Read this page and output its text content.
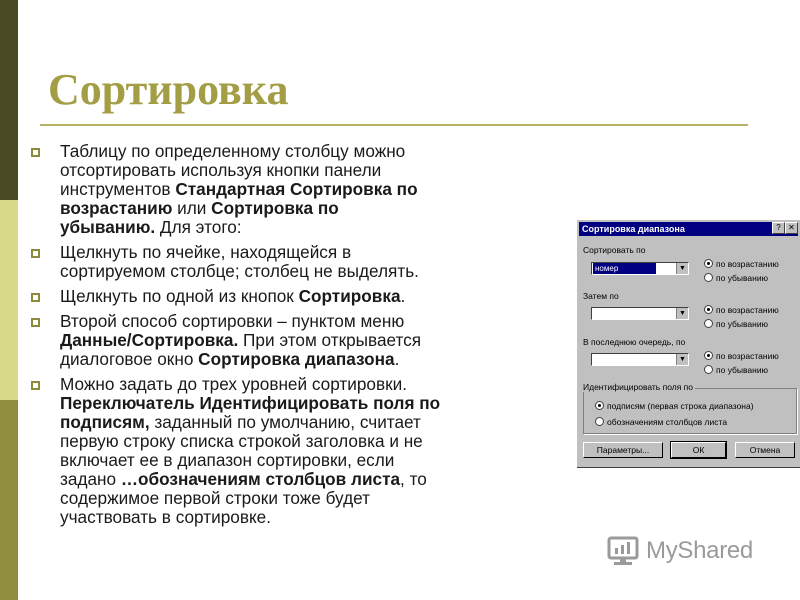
Сортировка
Таблицу по определенному столбцу можно
отсортировать используя кнопки панели
инструментов Стандартная Сортировка по
возрастанию или Сортировка по
убыванию. Для этого:
Щелкнуть по ячейке, находящейся в
сортируемом столбце; столбец не выделять.
Щелкнуть по одной из кнопок Сортировка.
Второй способ сортировки – пунктом меню
Данные/Сортировка. При этом открывается
диалоговое окно Сортировка диапазона.
Можно задать до трех уровней сортировки.
Переключатель Идентифицировать поля по
подписям, заданный по умолчанию, считает
первую строку списка строкой заголовка и не
включает ее в диапазон сортировки, если
задано …обозначениям столбцов листа, то
содержимое первой строки тоже будет
участвовать в сортировке.
Сортировка диапазона	? ✕
Сортировать по
номер	▼	по возрастанию
по убыванию
Затем по
▼	по возрастанию
по убыванию
В последнюю очередь, по
▼	по возрастанию
по убыванию
Идентифицировать поля по
подписям (первая строка диапазона)
обозначениям столбцов листа
Параметры...	ОК	Отмена
MyShared
